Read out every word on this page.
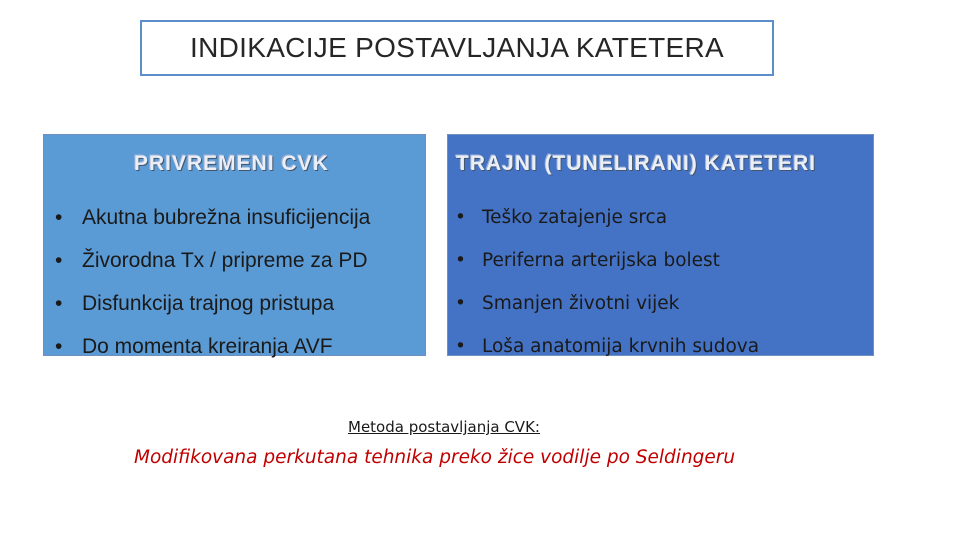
INDIKACIJE POSTAVLJANJA KATETERA
PRIVREMENI CVK	TRAJNI (TUNELIRANI) KATETERI
• Akutna bubrežna insuficijencija
• Živorodna Tx / pripreme za PD
• Disfunkcija trajnog pristupa
• Do momenta kreiranja AVF
• Teško zatajenje srca
• Periferna arterijska bolest
• Smanjen životni vijek
• Loša anatomija krvnih sudova
Metoda postavljanja CVK:
Modifikovana perkutana tehnika preko žice vodilje po Seldingeru
